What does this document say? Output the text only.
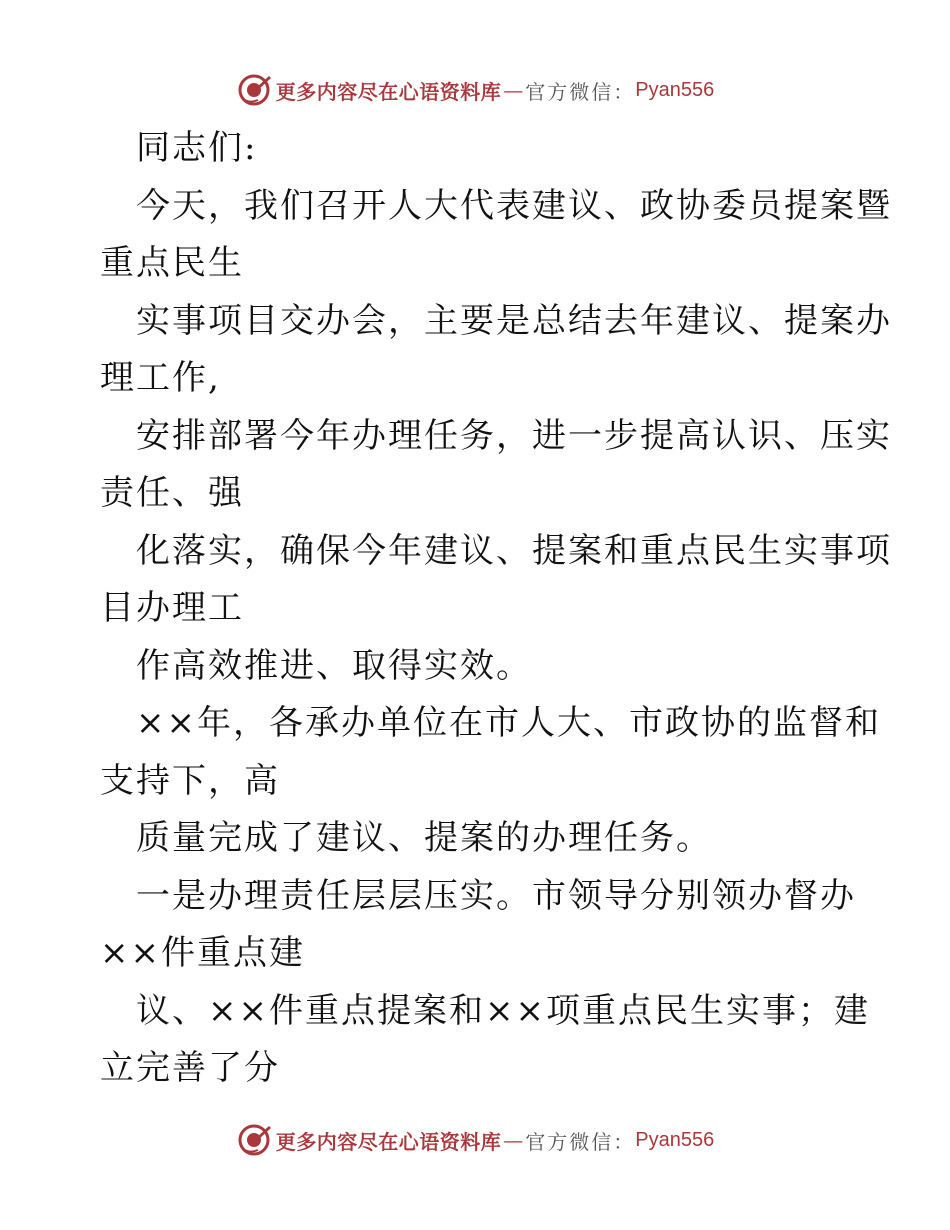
更多内容尽在心语资料库 — 官方微信： Pyan556
同志们:
今天，我们召开人大代表建议、政协委员提案暨
重点民生
实事项目交办会，主要是总结去年建议、提案办
理工作,
安排部署今年办理任务，进一步提高认识、压实
责任、强
化落实，确保今年建议、提案和重点民生实事项
目办理工
作高效推进、取得实效。
××年，各承办单位在市人大、市政协的监督和
支持下，高
质量完成了建议、提案的办理任务。
一是办理责任层层压实。市领导分别领办督办
××件重点建
议、××件重点提案和××项重点民生实事；建
立完善了分
更多内容尽在心语资料库 — 官方微信： Pyan556
